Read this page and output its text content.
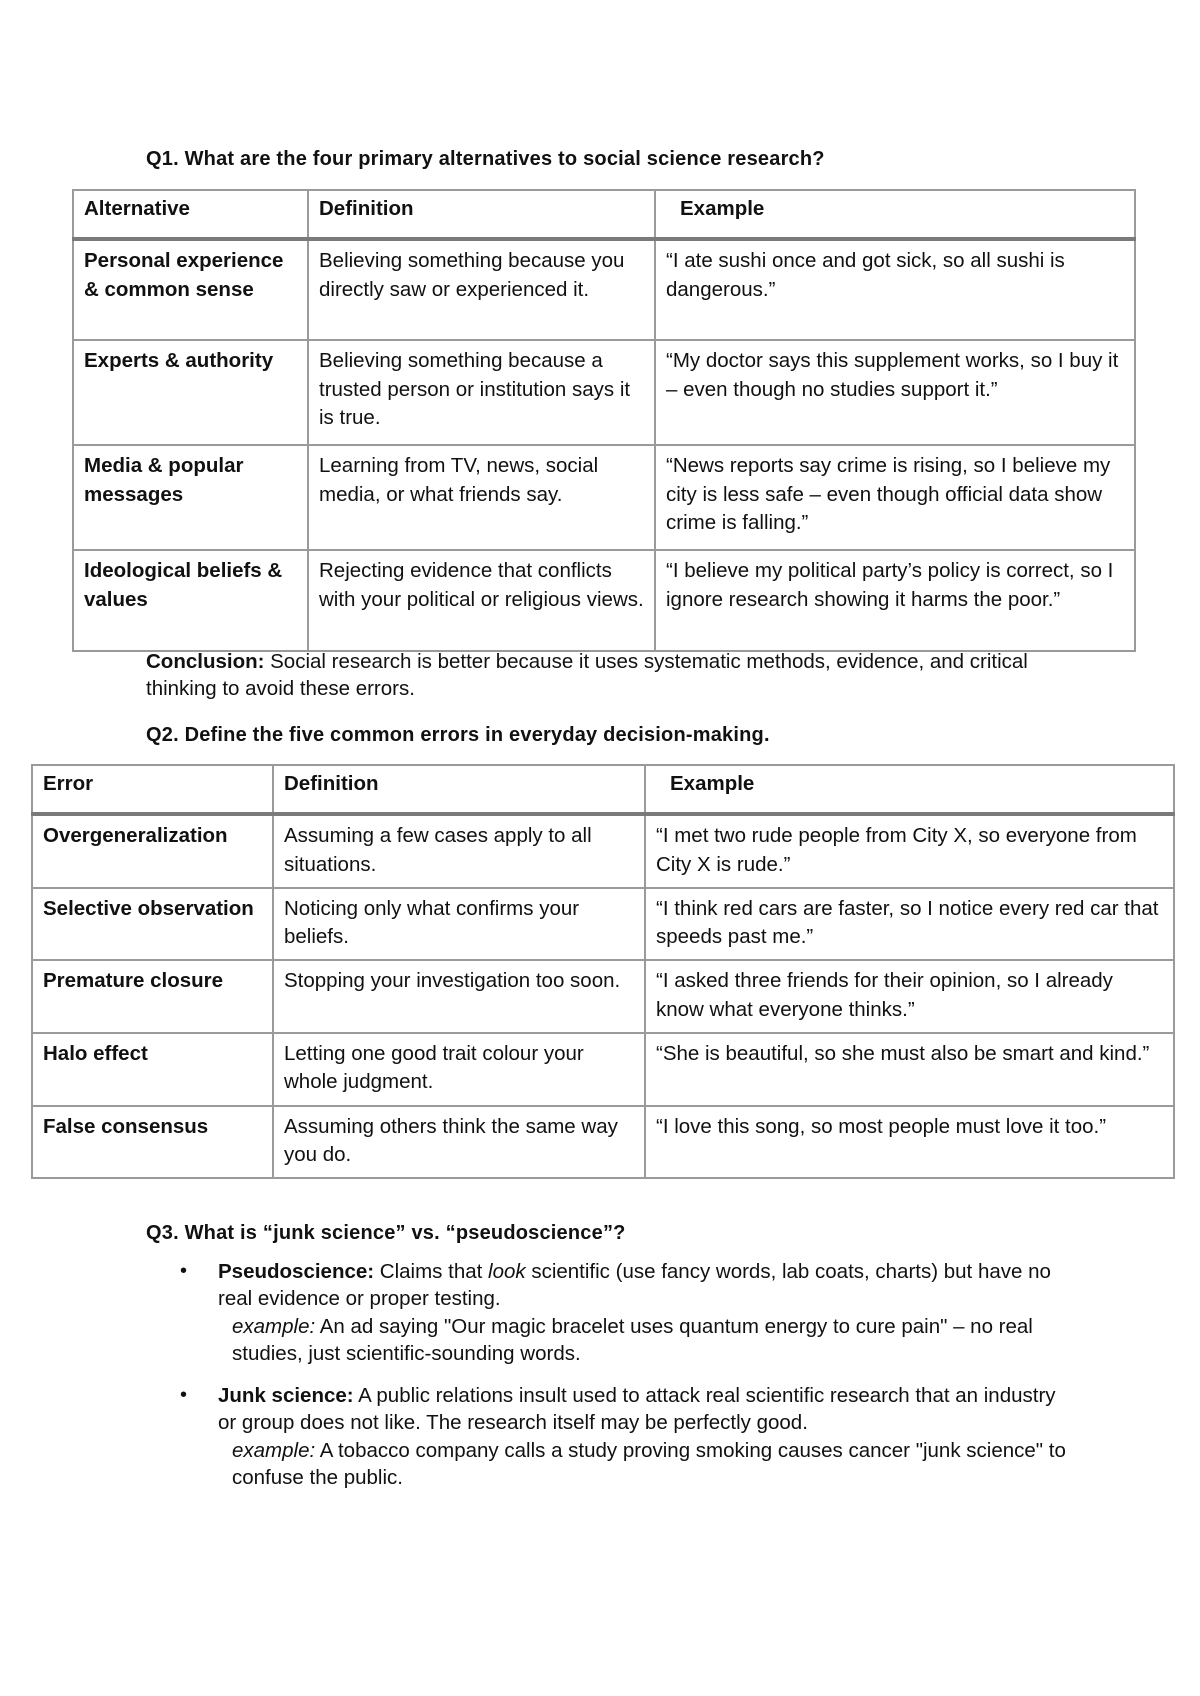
Q1. What are the four primary alternatives to social science research?

Alternative	Definition	Example
Personal experience & common sense	Believing something because you directly saw or experienced it.	“I ate sushi once and got sick, so all sushi is dangerous.”
Experts & authority	Believing something because a trusted person or institution says it is true.	“My doctor says this supplement works, so I buy it – even though no studies support it.”
Media & popular messages	Learning from TV, news, social media, or what friends say.	“News reports say crime is rising, so I believe my city is less safe – even though official data show crime is falling.”
Ideological beliefs & values	Rejecting evidence that conflicts with your political or religious views.	“I believe my political party’s policy is correct, so I ignore research showing it harms the poor.”

Conclusion: Social research is better because it uses systematic methods, evidence, and critical thinking to avoid these errors.

Q2. Define the five common errors in everyday decision-making.

Error	Definition	Example
Overgeneralization	Assuming a few cases apply to all situations.	“I met two rude people from City X, so everyone from City X is rude.”
Selective observation	Noticing only what confirms your beliefs.	“I think red cars are faster, so I notice every red car that speeds past me.”
Premature closure	Stopping your investigation too soon.	“I asked three friends for their opinion, so I already know what everyone thinks.”
Halo effect	Letting one good trait colour your whole judgment.	“She is beautiful, so she must also be smart and kind.”
False consensus	Assuming others think the same way you do.	“I love this song, so most people must love it too.”

Q3. What is “junk science” vs. “pseudoscience”?

• Pseudoscience: Claims that look scientific (use fancy words, lab coats, charts) but have no real evidence or proper testing.
example: An ad saying "Our magic bracelet uses quantum energy to cure pain" – no real studies, just scientific-sounding words.
• Junk science: A public relations insult used to attack real scientific research that an industry or group does not like. The research itself may be perfectly good.
example: A tobacco company calls a study proving smoking causes cancer "junk science" to confuse the public.
